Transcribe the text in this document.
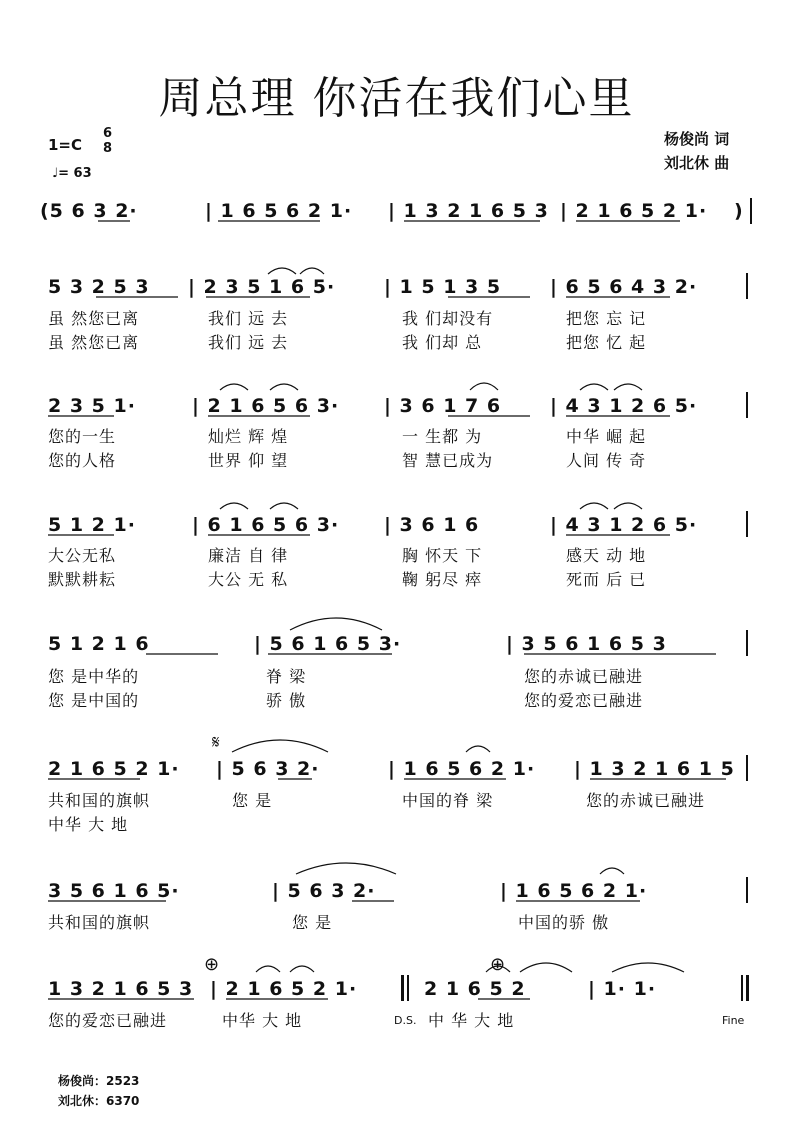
周总理 你活在我们心里
1=C
6
8
♩= 63
杨俊尚 词
刘北休 曲
(5 6 3 2·	| 1 6 5 6 2 1· | 1 3 2 1 6 5 3 | 2 1 6 5 2 1· )
5 3 2 5 3 | 2 3 5 1 6 5·	| 1 5 1 3 5	| 6 5 6 4 3 2·
虽 然您已离	我们 远 去	我 们却没有	把您 忘 记
虽 然您已离	我们 远 去	我 们却 总	把您 忆 起
2 3 5 1·	| 2 1 6 5 6 3· | 3 6 1 7 6	| 4 3 1 2 6 5·
您的一生	灿烂 辉 煌	一 生都 为	中华 崛 起
您的人格	世界 仰 望	智 慧已成为	人间 传 奇
5 1 2 1·	| 6 1 6 5 6 3· | 3 6 1 6	| 4 3 1 2 6 5·
大公无私	廉洁 自 律	胸 怀天 下	感天 动 地
默默耕耘	大公 无 私	鞠 躬尽 瘁	死而 后 已
5 1 2 1 6	| 5 6 1 6 5 3·	| 3 5 6 1 6 5 3
您 是中华的	脊 梁	您的赤诚已融进
您 是中国的	骄 傲	您的爱恋已融进
𝄋
2 1 6 5 2 1· | 5 6 3 2·	| 1 6 5 6 2 1· | 1 3 2 1 6 1 5
共和国的旗帜	您 是	中国的脊 梁	您的赤诚已融进
中华 大 地
3 5 6 1 6 5·	| 5 6 3 2·	| 1 6 5 6 2 1·
共和国的旗帜	您 是	中国的骄 傲
⊕	⊕
1 3 2 1 6 5 3 | 2 1 6 5 2 1·	2 1 6 5 2	| 1· 1·
您的爱恋已融进	中华 大 地	D.S. 中 华 大 地	Fine
杨俊尚：2523
刘北休：6370
